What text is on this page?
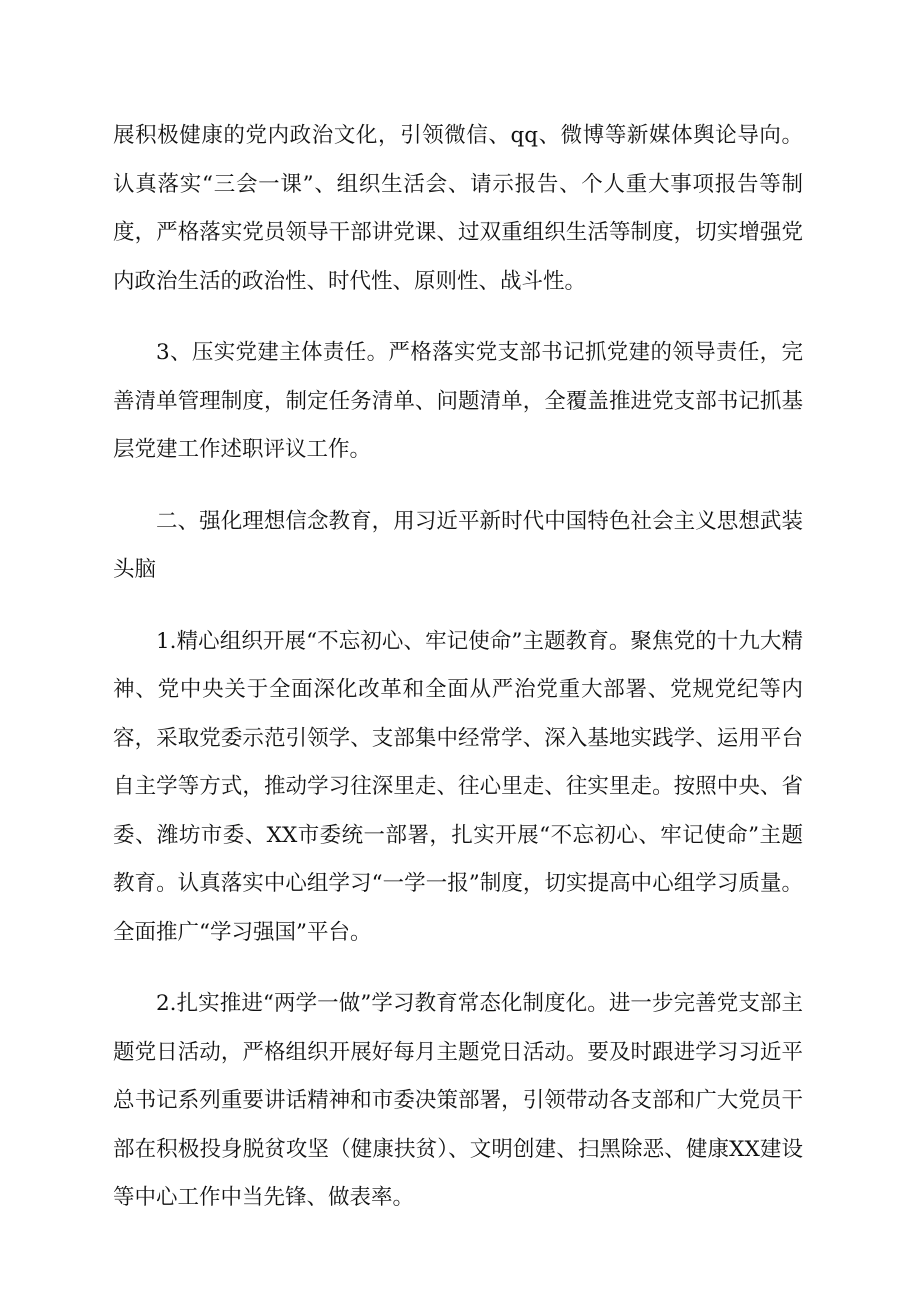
展积极健康的党内政治文化，引领微信、qq、微博等新媒体舆论导向。认真落实“三会一课”、组织生活会、请示报告、个人重大事项报告等制度，严格落实党员领导干部讲党课、过双重组织生活等制度，切实增强党内政治生活的政治性、时代性、原则性、战斗性。

3、压实党建主体责任。严格落实党支部书记抓党建的领导责任，完善清单管理制度，制定任务清单、问题清单，全覆盖推进党支部书记抓基层党建工作述职评议工作。

二、强化理想信念教育，用习近平新时代中国特色社会主义思想武装头脑

1.精心组织开展“不忘初心、牢记使命”主题教育。聚焦党的十九大精神、党中央关于全面深化改革和全面从严治党重大部署、党规党纪等内容，采取党委示范引领学、支部集中经常学、深入基地实践学、运用平台自主学等方式，推动学习往深里走、往心里走、往实里走。按照中央、省委、潍坊市委、XX市委统一部署，扎实开展“不忘初心、牢记使命”主题教育。认真落实中心组学习“一学一报”制度，切实提高中心组学习质量。全面推广“学习强国”平台。

2.扎实推进“两学一做”学习教育常态化制度化。进一步完善党支部主题党日活动，严格组织开展好每月主题党日活动。要及时跟进学习习近平总书记系列重要讲话精神和市委决策部署，引领带动各支部和广大党员干部在积极投身脱贫攻坚（健康扶贫）、文明创建、扫黑除恶、健康XX建设等中心工作中当先锋、做表率。
